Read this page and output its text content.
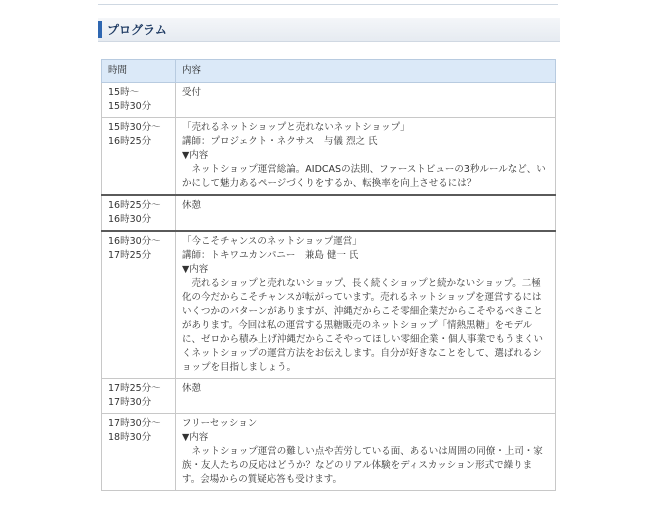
プログラム
時間	内容
15時～
15時30分	受付

15時30分～
16時25分	「売れるネットショップと売れないネットショップ」
講師：プロジェクト・ネクサス　与儀 烈之 氏
▼内容
ネットショップ運営総論。AIDCASの法則、ファーストビューの3秒ルールなど、いかにして魅力あるページづくりをするか、転換率を向上させるには？

16時25分～
16時30分	休憩

16時30分～
17時25分	「今こそチャンスのネットショップ運営」
講師：トキワユカンパニー　兼島 健一 氏
▼内容
売れるショップと売れないショップ、長く続くショップと続かないショップ。二極化の今だからこそチャンスが転がっています。売れるネットショップを運営するにはいくつかのパターンがありますが、沖縄だからこそ零細企業だからこそやるべきことがあります。今回は私の運営する黒糖販売のネットショップ「情熱黒糖」をモデルに、ゼロから積み上げ沖縄だからこそやってほしい零細企業・個人事業でもうまくいくネットショップの運営方法をお伝えします。自分が好きなことをして、選ばれるショップを目指しましょう。

17時25分～
17時30分	休憩

17時30分～
18時30分	フリーセッション
▼内容
ネットショップ運営の難しい点や苦労している面、あるいは周囲の同僚・上司・家族・友人たちの反応はどうか？などのリアル体験をディスカッション形式で繰ります。会場からの質疑応答も受けます。
